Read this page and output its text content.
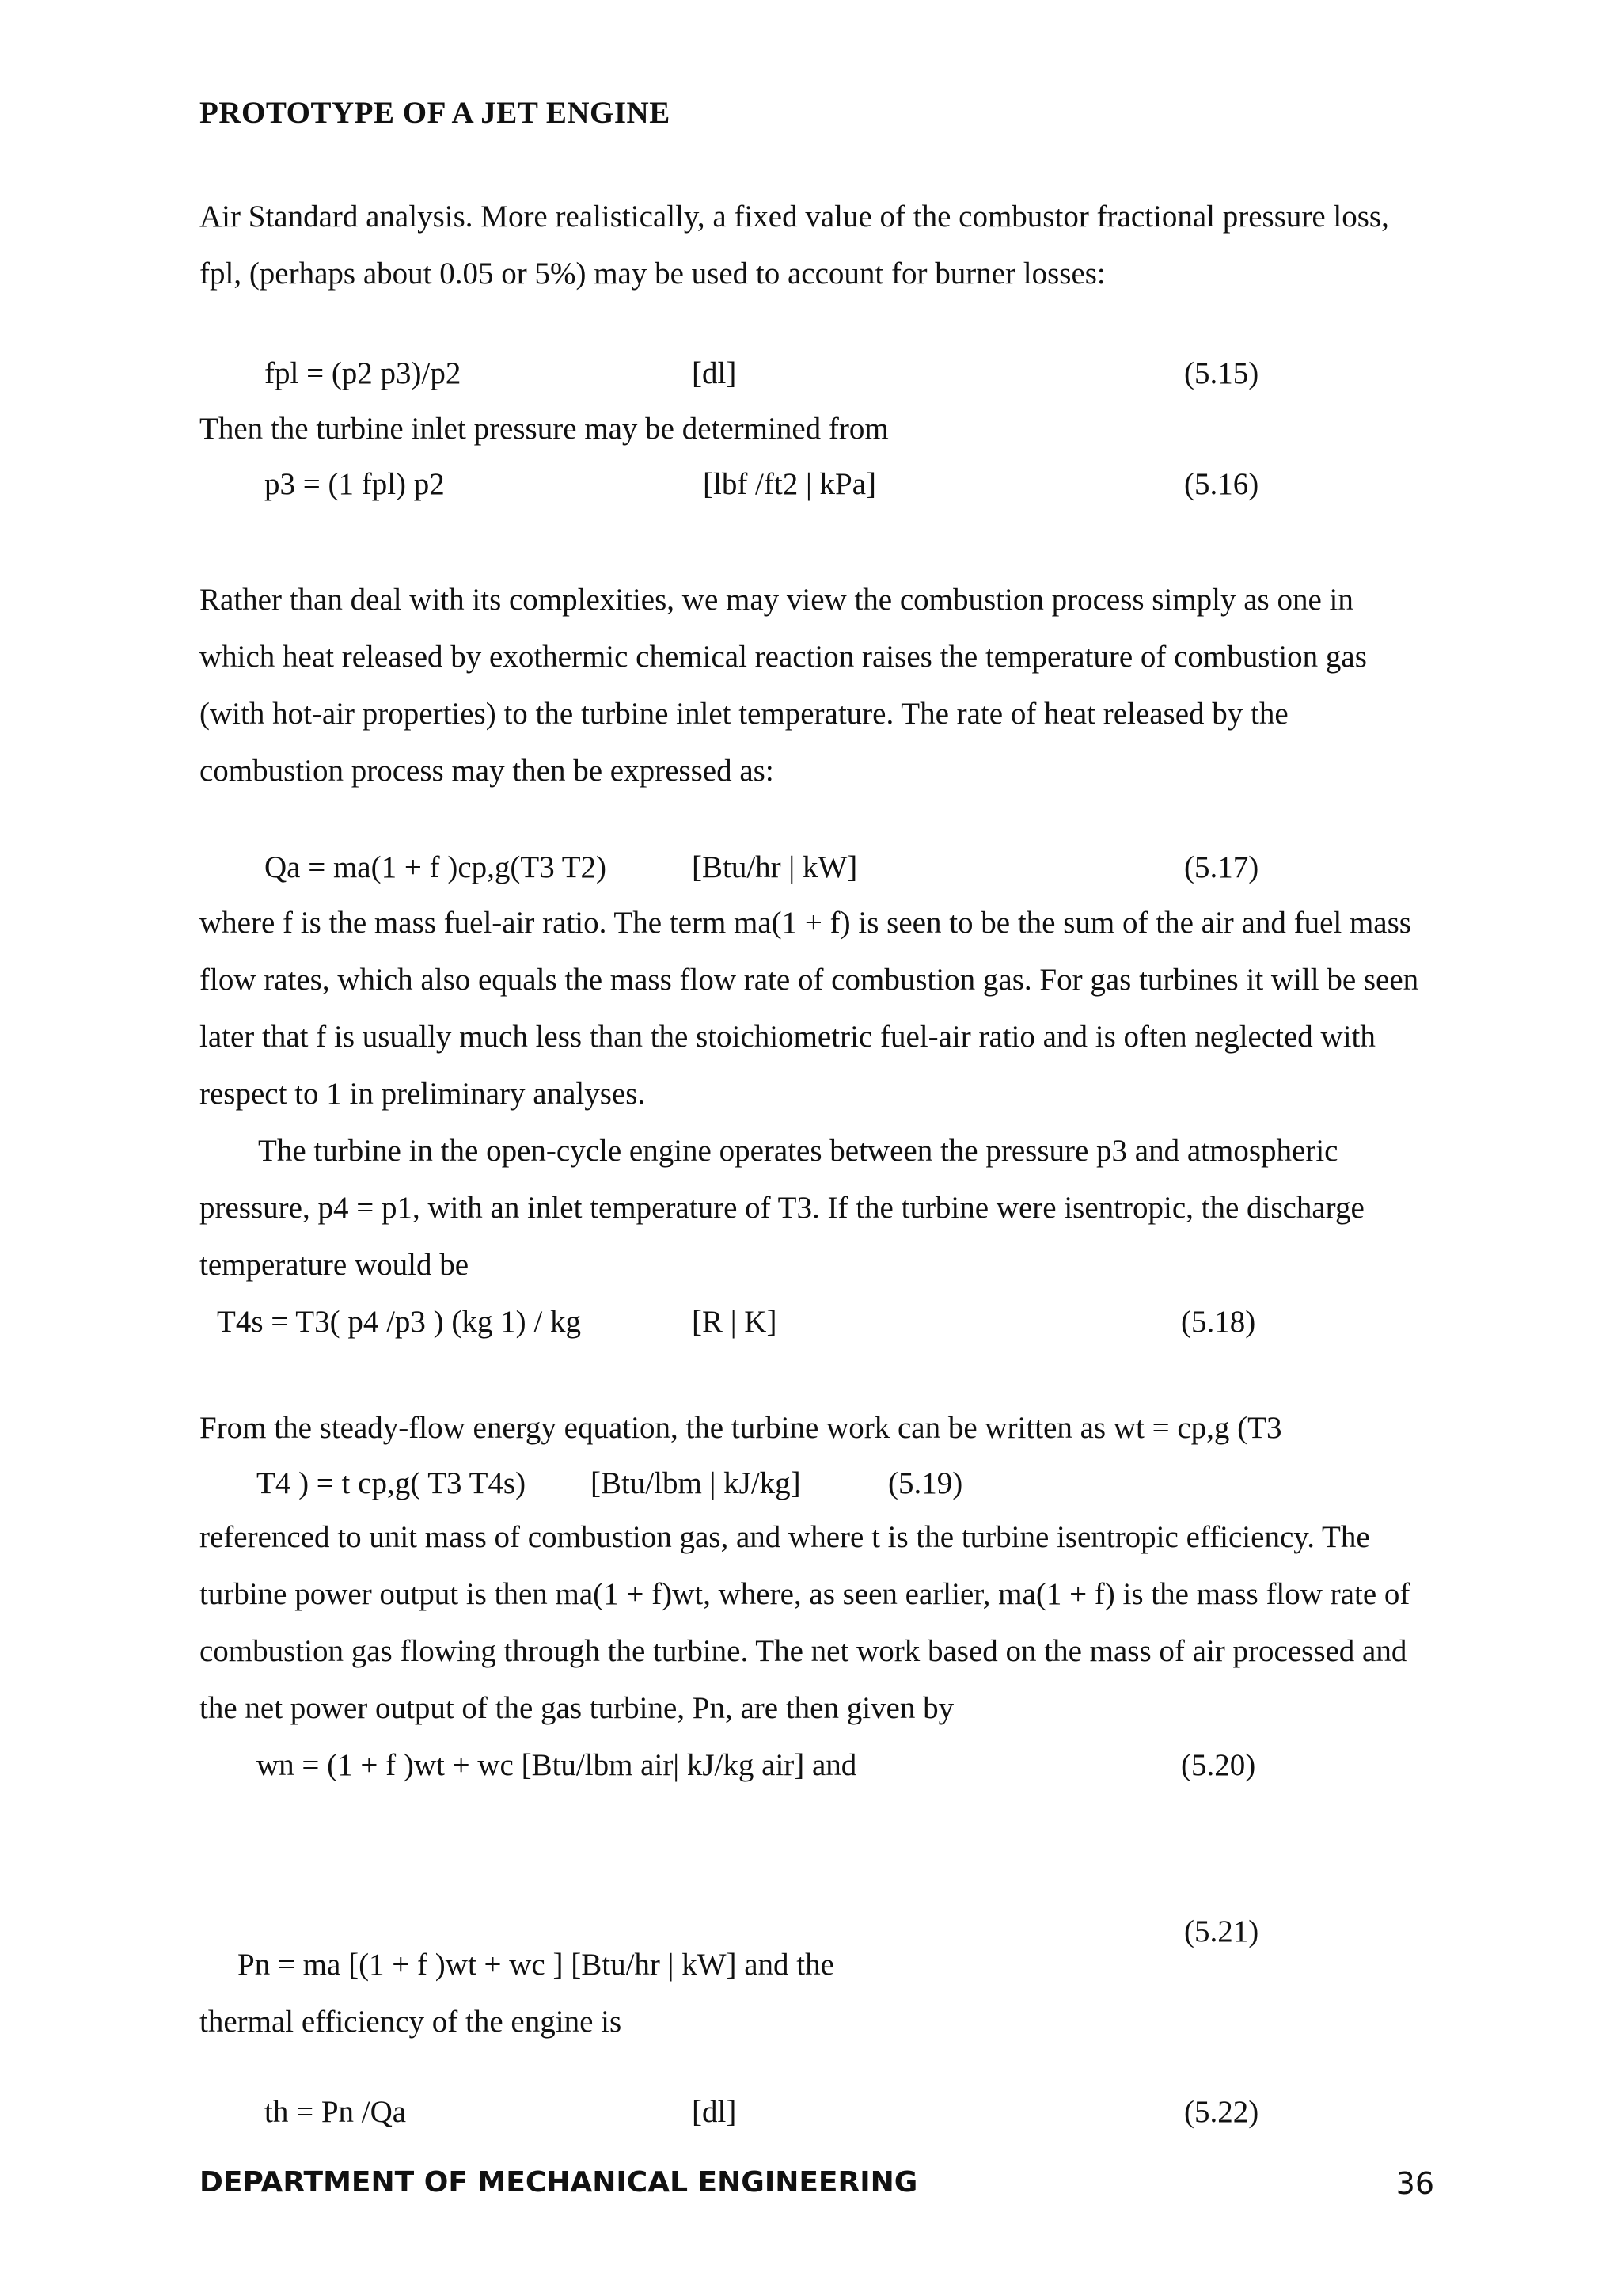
PROTOTYPE OF A JET ENGINE

Air Standard analysis. More realistically, a fixed value of the combustor fractional pressure loss, fpl, (perhaps about 0.05 or 5%) may be used to account for burner losses:

fpl = (p2 p3)/p2	[dl]	(5.15)
Then the turbine inlet pressure may be determined from
p3 = (1 fpl) p2	[lbf /ft2 | kPa]	(5.16)

Rather than deal with its complexities, we may view the combustion process simply as one in which heat released by exothermic chemical reaction raises the temperature of combustion gas (with hot-air properties) to the turbine inlet temperature. The rate of heat released by the combustion process may then be expressed as:

Qa = ma(1 + f )cp,g(T3 T2)	[Btu/hr | kW]	(5.17)

where f is the mass fuel-air ratio. The term ma(1 + f) is seen to be the sum of the air and fuel mass flow rates, which also equals the mass flow rate of combustion gas. For gas turbines it will be seen later that f is usually much less than the stoichiometric fuel-air ratio and is often neglected with respect to 1 in preliminary analyses.

The turbine in the open-cycle engine operates between the pressure p3 and atmospheric pressure, p4 = p1, with an inlet temperature of T3. If the turbine were isentropic, the discharge temperature would be

T4s = T3( p4 /p3 ) (kg 1) / kg	[R | K]	(5.18)
From the steady-flow energy equation, the turbine work can be written as wt = cp,g (T3
T4 ) = t cp,g( T3 T4s) [Btu/lbm | kJ/kg]	(5.19)

referenced to unit mass of combustion gas, and where t is the turbine isentropic efficiency. The turbine power output is then ma(1 + f)wt, where, as seen earlier, ma(1 + f) is the mass flow rate of combustion gas flowing through the turbine. The net work based on the mass of air processed and the net power output of the gas turbine, Pn, are then given by

wn = (1 + f )wt + wc [Btu/lbm air| kJ/kg air] and	(5.20)
(5.21)
Pn = ma [(1 + f )wt + wc ] [Btu/hr | kW] and the
thermal efficiency of the engine is
th = Pn /Qa	[dl]	(5.22)
DEPARTMENT OF MECHANICAL ENGINEERING	36
